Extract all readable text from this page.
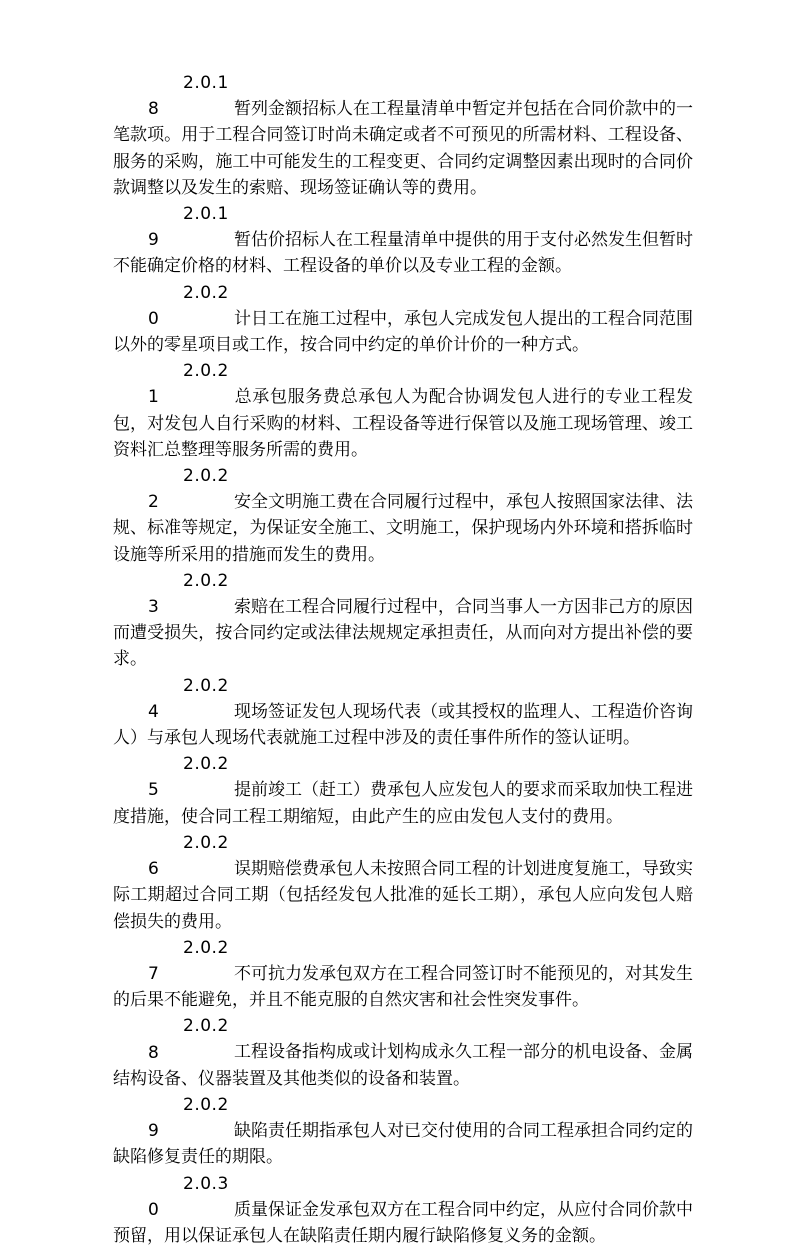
2.0.18	暂列金额招标人在工程量清单中暂定并包括在合同价款中的一笔款项。用于工程合同签订时尚未确定或者不可预见的所需材料、工程设备、服务的采购，施工中可能发生的工程变更、合同约定调整因素出现时的合同价款调整以及发生的索赔、现场签证确认等的费用。

2.0.19	暂估价招标人在工程量清单中提供的用于支付必然发生但暂时不能确定价格的材料、工程设备的单价以及专业工程的金额。

2.0.20	计日工在施工过程中，承包人完成发包人提出的工程合同范围以外的零星项目或工作，按合同中约定的单价计价的一种方式。

2.0.21	总承包服务费总承包人为配合协调发包人进行的专业工程发包，对发包人自行采购的材料、工程设备等进行保管以及施工现场管理、竣工资料汇总整理等服务所需的费用。

2.0.22	安全文明施工费在合同履行过程中，承包人按照国家法律、法规、标准等规定，为保证安全施工、文明施工，保护现场内外环境和搭拆临时设施等所采用的措施而发生的费用。

2.0.23	索赔在工程合同履行过程中，合同当事人一方因非己方的原因而遭受损失，按合同约定或法律法规规定承担责任，从而向对方提出补偿的要求。

2.0.24	现场签证发包人现场代表（或其授权的监理人、工程造价咨询人）与承包人现场代表就施工过程中涉及的责任事件所作的签认证明。

2.0.25	提前竣工（赶工）费承包人应发包人的要求而采取加快工程进度措施，使合同工程工期缩短，由此产生的应由发包人支付的费用。

2.0.26	误期赔偿费承包人未按照合同工程的计划进度复施工，导致实际工期超过合同工期（包括经发包人批准的延长工期），承包人应向发包人赔偿损失的费用。

2.0.27	不可抗力发承包双方在工程合同签订时不能预见的，对其发生的后果不能避免，并且不能克服的自然灾害和社会性突发事件。

2.0.28	工程设备指构成或计划构成永久工程一部分的机电设备、金属结构设备、仪器装置及其他类似的设备和装置。

2.0.29	缺陷责任期指承包人对已交付使用的合同工程承担合同约定的缺陷修复责任的期限。

2.0.30	质量保证金发承包双方在工程合同中约定，从应付合同价款中预留，用以保证承包人在缺陷责任期内履行缺陷修复义务的金额。
